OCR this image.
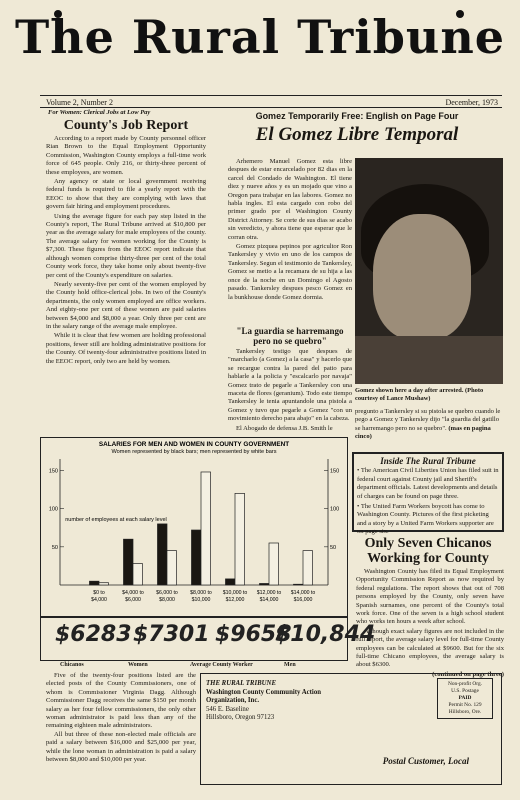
The Rural Tribune
Volume 2, Number 2	December, 1973
For Women: Clerical Jobs at Low Pay
County's Job Report

According to a report made by County personnel officer Rian Brown to the Equal Employment Opportunity Commission, Washington County employs a full-time work force of 645 people. Only 216, or thirty-three percent of these employees, are women.

Any agency or state or local government receiving federal funds is required to file a yearly report with the EEOC to show that they are complying with laws that govern fair hiring and employment procedures.

Using the average figure for each pay step listed in the County's report, The Rural Tribune arrived at $10,800 per year as the average salary for male employees of the county. The average salary for women working for the County is $7,300. These figures from the EEOC report indicate that although women comprise thirty-three per cent of the total County work force, they take home only about twenty-five per cent of the County's expenditure on salaries.

Nearly seventy-five per cent of the women employed by the County hold office-clerical jobs. In two of the County's departments, the only women employed are office workers. And eighty-one per cent of these women are paid salaries between $4,000 and $8,000 a year. Only three per cent are in the salary range of the average male employee.

While it is clear that few women are holding professional positions, fewer still are holding administrative positions for the County. Of twenty-four administrative positions listed in the EEOC report, only two are held by women.

Gomez Temporarily Free: English on Page Four
El Gomez Libre Temporal

Arhemero Manuel Gomez esta libre despues de estar encarcelado por 82 dias en la carcel del Condado de Washington. El tiene diez y nueve años y es un mojado que vino a Oregon para trabajar en las labores. Gomez no habla ingles. El esta cargado con robo del primer grado por el Washington County District Attorney. Se corte de sus dias se acabo sin veredicto, y ahora tiene que esperar que le corran otra.

Gomez pizquea pepinos por agricultor Ron Tankersley y vivio en uno de los campos de Tankersley. Segun el testimonio de Tankersley, Gomez se metio a la recamara de su hija a las once de la noche en un Domingo el Agosto pasado. Tankersley despues pesco Gomez en la bunkhouse donde Gomez dormia.

"La guardia se harremango pero no se quebro"

Tankersley testigo que despues de "marcharlo (a Gomez) a la casa" y hacerlo que se recargue contra la pared del patio para hablarle a la policia y "escalcarlo por navaja" Gomez trato de pegarle a Tankersley con una maceta de flores (geranium). Todo este tiempo Tankersley le tenia apuntandole una pistola a Gomez y tuvo que pegarle a Gomez "con un movimiento derecho para abajo" en la cabeza.

El Abogado de defensa J.B. Smith le

Gomez shown here a day after arrested. (Photo courtesy of Lance Mushaw)
pregunto a Tankersley si su pistola se quebro cuando le pego a Gomez y Tankersley dijo "la guardia del gatillo se harremango pero no se quebro". (mas en pagina cinco)
Inside The Rural Tribune
• The American Civil Liberties Union has filed suit in federal court against County jail and Sheriff's department officials. Latest developments and details of charges can be found on page three.
• The United Farm Workers boycott has come to Washington County. Pictures of the first picketing and a story by a United Farm Workers supporter are on page six.
Only Seven Chicanos Working for County

Washington County has filed its Equal Employment Opportunity Commission Report as now required by federal regulations. The report shows that out of 708 persons employed by the County, only seven have Spanish surnames, one percent of the County's total work force. One of the seven is a high school student who works ten hours a week after school.

Although exact salary figures are not included in the full report, the average salary level for full-time County employees can be calculated at $9600. But for the six full-time Chicano employees, the average salary is about $6300.

(continued on page three)

SALARIES FOR MEN AND WOMEN IN COUNTY GOVERNMENT
Women represented by black bars; men represented by white bars
50	50
100	100
150	150
number of employees at each salary level
$0 to
$4,000
$4,000 to
$6,000
$6,000 to
$8,000
$8,000 to
$10,000
$10,000 to
$12,000
$12,000 to
$14,000
$14,000 to
$16,000
$6283 $7301 $9658
$10,844
Chicanos	Women	Average County Worker	Men

Five of the twenty-four positions listed are the elected posts of the County Commissioners, one of whom is Commissioner Virginia Dagg. Although Commissioner Dagg receives the same $150 per month salary as her four fellow commissioners, the only other woman administrator is paid less than any of the remaining eighteen male administrators.

All but three of these non-elected male officials are paid a salary between $16,000 and $25,000 per year, while the lone woman in administration is paid a salary between $8,000 and $10,000 per year.

THE RURAL TRIBUNE
Washington County Community Action Organization, Inc.
546 E. Baseline
Hillsboro, Oregon 97123
Non-profit Org.
U.S. Postage
PAID
Permit No. 129
Hillsboro, Ore.
Postal Customer, Local
